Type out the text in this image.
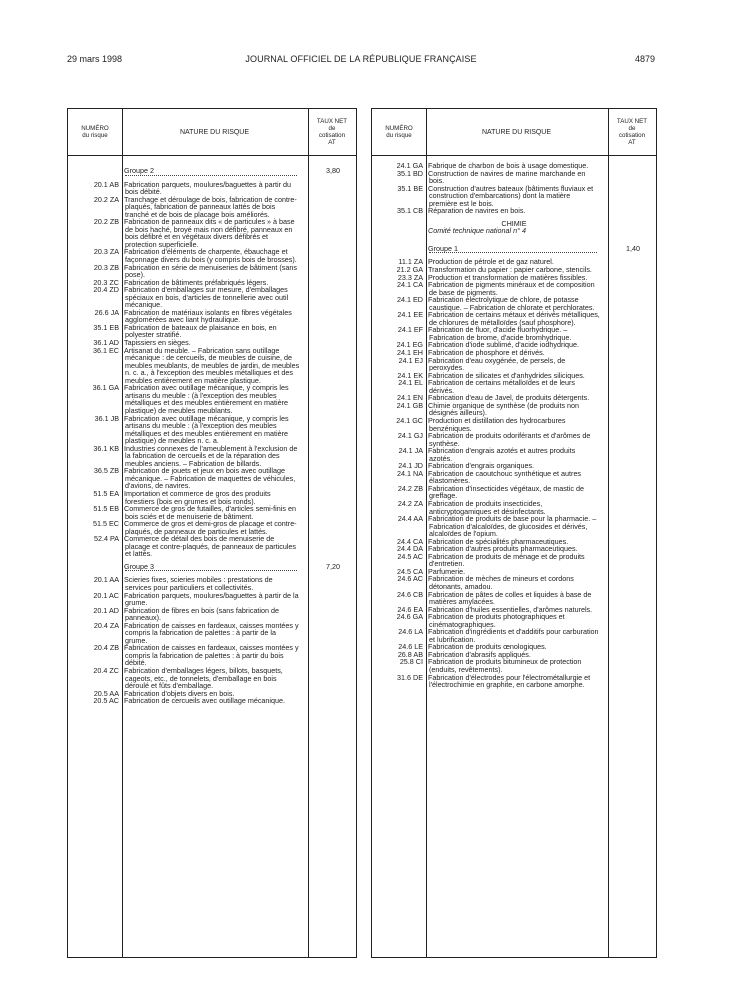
29 mars 1998	JOURNAL OFFICIEL DE LA RÉPUBLIQUE FRANÇAISE	4879
NUMÉRO
du risque	NATURE DU RISQUE
TAUX NET
de
cotisation
AT
Groupe 2	3,80
20.1 AB Fabrication parquets, moulures/baguettes à partir du bois débité.
20.2 ZA Tranchage et déroulage de bois, fabrication de contre-plaqués, fabrication de panneaux lattés de bois tranché et de bois de placage bois améliorés.
20.2 ZB Fabrication de panneaux dits « de particules » à base de bois haché, broyé mais non défibré, panneaux en bois défibré et en végétaux divers défibrés et protection superficielle.
20.3 ZA Fabrication d'éléments de charpente, ébauchage et façonnage divers du bois (y compris bois de brosses).
20.3 ZB Fabrication en série de menuiseries de bâtiment (sans pose).
20.3 ZC Fabrication de bâtiments préfabriqués légers.
20.4 ZD Fabrication d'emballages sur mesure, d'emballages spéciaux en bois, d'articles de tonnellerie avec outil mécanique.
26.6 JA Fabrication de matériaux isolants en fibres végétales agglomérées avec liant hydraulique.
35.1 EB Fabrication de bateaux de plaisance en bois, en polyester stratifié.
36.1 AD Tapissiers en sièges.
36.1 EC Artisanat du meuble. – Fabrication sans outillage mécanique : de cercueils, de meubles de cuisine, de meubles meublants, de meubles de jardin, de meubles n. c. a., à l'exception des meubles métalliques et des meubles entièrement en matière plastique.
36.1 GA Fabrication avec outillage mécanique, y compris les artisans du meuble : (à l'exception des meubles métalliques et des meubles entièrement en matière plastique) de meubles meublants.
36.1 JB Fabrication avec outillage mécanique, y compris les artisans du meuble : (à l'exception des meubles métalliques et des meubles entièrement en matière plastique) de meubles n. c. a.
36.1 KB Industries connexes de l'ameublement à l'exclusion de la fabrication de cercueils et de la réparation des meubles anciens. – Fabrication de billards.
36.5 ZB Fabrication de jouets et jeux en bois avec outillage mécanique. – Fabrication de maquettes de véhicules, d'avions, de navires.
51.5 EA Importation et commerce de gros des produits forestiers (bois en grumes et bois ronds).
51.5 EB Commerce de gros de futailles, d'articles semi-finis en bois sciés et de menuiserie de bâtiment.
51.5 EC Commerce de gros et demi-gros de placage et contre-plaqués, de panneaux de particules et lattés.
52.4 PA Commerce de détail des bois de menuiserie de placage et contre-plaqués, de panneaux de particules et lattés.
Groupe 3	7,20
20.1 AA Scieries fixes, scieries mobiles : prestations de services pour particuliers et collectivités.
20.1 AC Fabrication parquets, moulures/baguettes à partir de la grume.
20.1 AD Fabrication de fibres en bois (sans fabrication de panneaux).
20.4 ZA Fabrication de caisses en fardeaux, caisses montées y compris la fabrication de palettes : à partir de la grume.
20.4 ZB Fabrication de caisses en fardeaux, caisses montées y compris la fabrication de palettes : à partir du bois débité.
20.4 ZC Fabrication d'emballages légers, billots, basquets, cageots, etc., de tonnelets, d'emballage en bois déroulé et fûts d'emballage.
20.5 AA Fabrication d'objets divers en bois.
20.5 AC Fabrication de cercueils avec outillage mécanique.
NUMÉRO
du risque	NATURE DU RISQUE
TAUX NET
de
cotisation
AT
24.1 GA Fabrique de charbon de bois à usage domestique.
35.1 BD Construction de navires de marine marchande en bois.
35.1 BE Construction d'autres bateaux (bâtiments fluviaux et construction d'embarcations) dont la matière première est le bois.
35.1 CB Réparation de navires en bois.
CHIMIE
Comité technique national n° 4
Groupe 1	1,40
11.1 ZA Production de pétrole et de gaz naturel.
21.2 GA Transformation du papier : papier carbone, stencils.
23.3 ZA Production et transformation de matières fissibles.
24.1 CA Fabrication de pigments minéraux et de composition de base de pigments.
24.1 ED Fabrication électrolytique de chlore, de potasse caustique. – Fabrication de chlorate et perchlorates.
24.1 EE Fabrication de certains métaux et dérivés métalliques, de chlorures de métalloïdes (sauf phosphore).
24.1 EF Fabrication de fluor, d'acide fluorhydrique. – Fabrication de brome, d'acide bromhydrique.
24.1 EG Fabrication d'iode sublimé, d'acide iodhydrique.
24.1 EH Fabrication de phosphore et dérivés.
24.1 EJ Fabrication d'eau oxygénée, de persels, de peroxydes.
24.1 EK Fabrication de silicates et d'anhydrides siliciques.
24.1 EL Fabrication de certains métalloïdes et de leurs dérivés.
24.1 EN Fabrication d'eau de Javel, de produits détergents.
24.1 GB Chimie organique de synthèse (de produits non désignés ailleurs).
24.1 GC Production et distillation des hydrocarbures benzéniques.
24.1 GJ Fabrication de produits odoriférants et d'arômes de synthèse.
24.1 JA Fabrication d'engrais azotés et autres produits azotés.
24.1 JD Fabrication d'engrais organiques.
24.1 NA Fabrication de caoutchouc synthétique et autres élastomères.
24.2 ZB Fabrication d'insecticides végétaux, de mastic de greffage.
24.2 ZA Fabrication de produits insecticides, anticryptogamiques et désinfectants.
24.4 AA Fabrication de produits de base pour la pharmacie. – Fabrication d'alcaloïdes, de glucosides et dérivés, alcaloïdes de l'opium.
24.4 CA Fabrication de spécialités pharmaceutiques.
24.4 DA Fabrication d'autres produits pharmaceutiques.
24.5 AC Fabrication de produits de ménage et de produits d'entretien.
24.5 CA Parfumerie.
24.6 AC Fabrication de mèches de mineurs et cordons détonants, amadou.
24.6 CB Fabrication de pâtes de colles et liquides à base de matières amylacées.
24.6 EA Fabrication d'huiles essentielles, d'arômes naturels.
24.6 GA Fabrication de produits photographiques et cinématographiques.
24.6 LA Fabrication d'ingrédients et d'additifs pour carburation et lubrification.
24.6 LE Fabrication de produits œnologiques.
26.8 AB Fabrication d'abrasifs appliqués.
25.8 CI Fabrication de produits bitumineux de protection (enduits, revêtements).
31.6 DE Fabrication d'électrodes pour l'électrométallurgie et l'électrochimie en graphite, en carbone amorphe.
